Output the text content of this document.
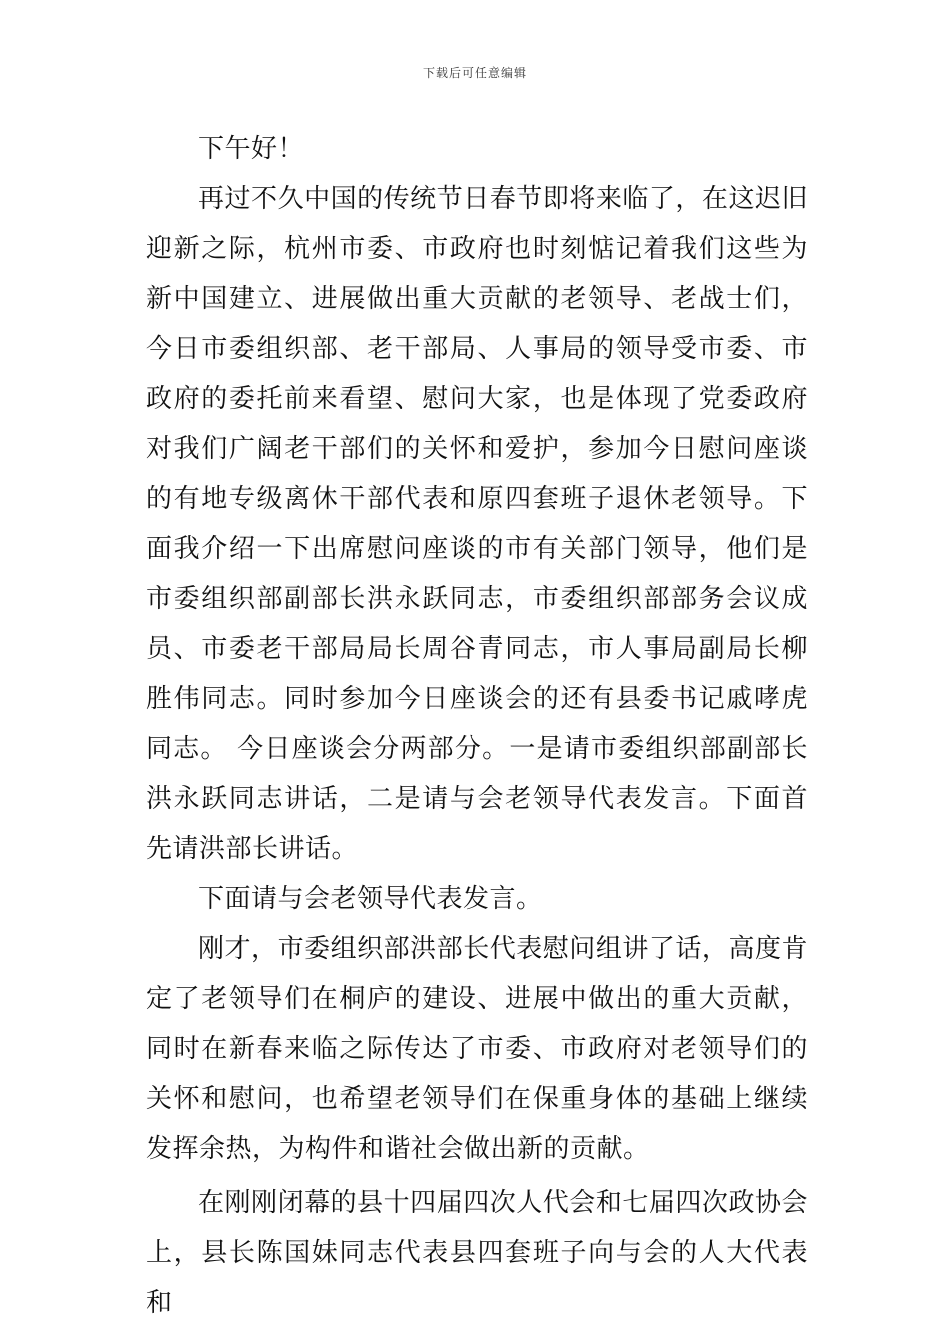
下载后可任意编辑

下午好！

再过不久中国的传统节日春节即将来临了，在这迟旧迎新之际，杭州市委、市政府也时刻惦记着我们这些为新中国建立、进展做出重大贡献的老领导、老战士们，今日市委组织部、老干部局、人事局的领导受市委、市政府的委托前来看望、慰问大家，也是体现了党委政府对我们广阔老干部们的关怀和爱护，参加今日慰问座谈的有地专级离休干部代表和原四套班子退休老领导。下面我介绍一下出席慰问座谈的市有关部门领导，他们是市委组织部副部长洪永跃同志，市委组织部部务会议成员、市委老干部局局长周谷青同志，市人事局副局长柳胜伟同志。同时参加今日座谈会的还有县委书记戚哮虎同志。 今日座谈会分两部分。一是请市委组织部副部长洪永跃同志讲话，二是请与会老领导代表发言。下面首先请洪部长讲话。

下面请与会老领导代表发言。

刚才，市委组织部洪部长代表慰问组讲了话，高度肯定了老领导们在桐庐的建设、进展中做出的重大贡献，同时在新春来临之际传达了市委、市政府对老领导们的关怀和慰问，也希望老领导们在保重身体的基础上继续发挥余热，为构件和谐社会做出新的贡献。

在刚刚闭幕的县十四届四次人代会和七届四次政协会上，县长陈国妹同志代表县四套班子向与会的人大代表和
